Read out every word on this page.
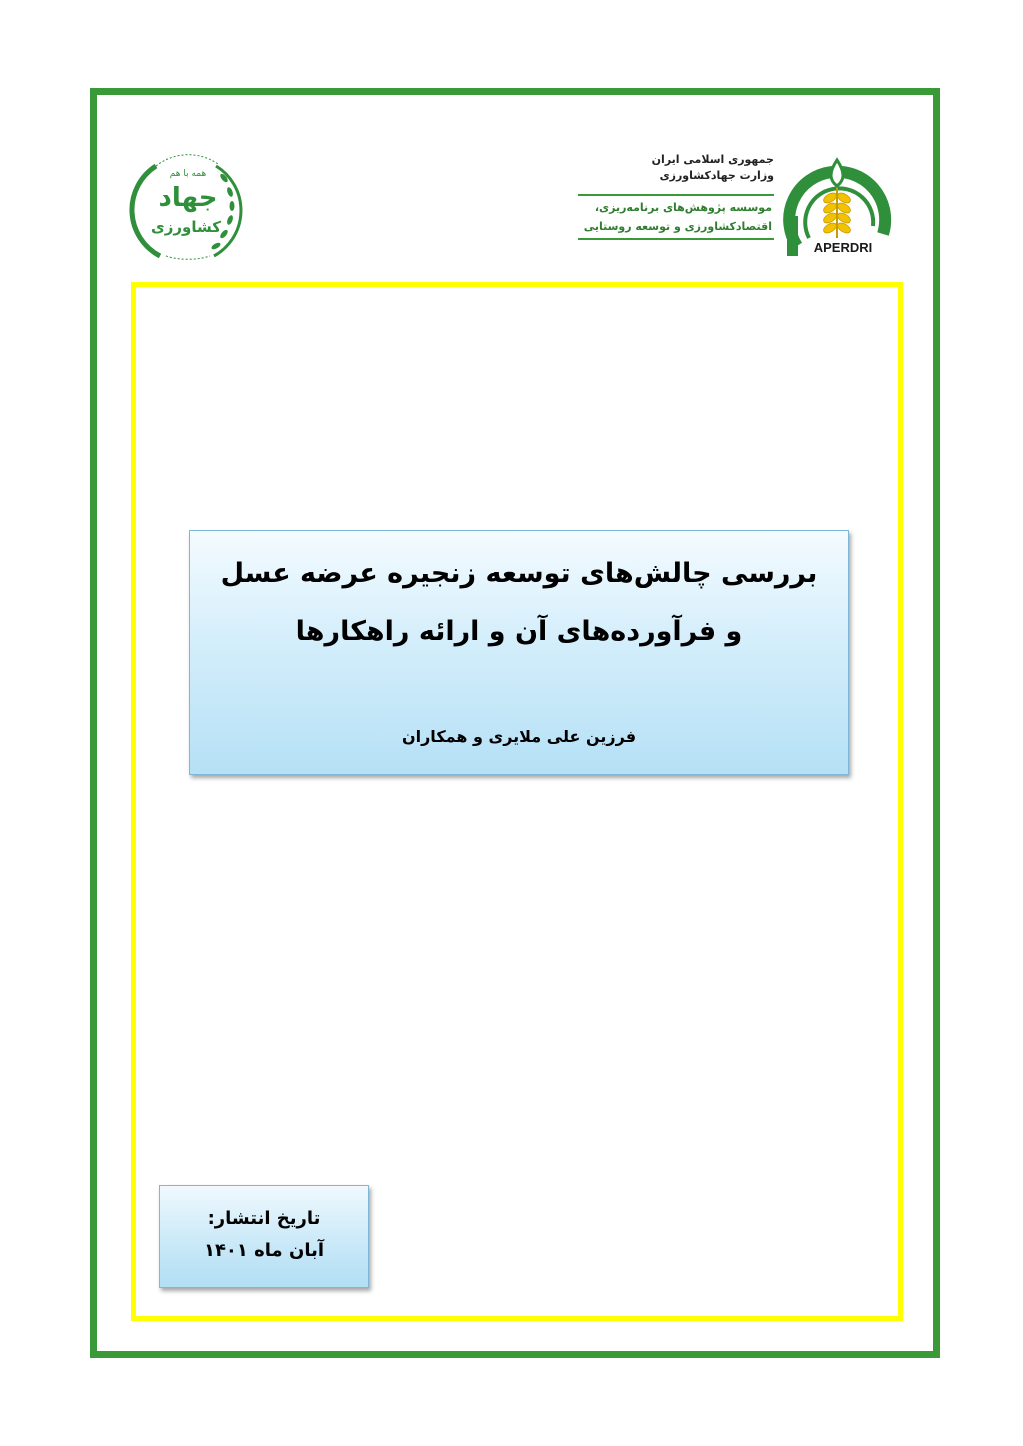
APERDRI
جمهوری اسلامی ایران
وزارت جهادکشاورزی
موسسه پژوهش‌های برنامه‌ریزی،
اقتصادکشاورزی و توسعه روستایی
همه با هم
جهاد
کشاورزی
بررسی چالش‌های توسعه زنجیره عرضه عسل
و فرآورده‌های آن و ارائه راهکارها
فرزین علی ملایری و همکاران
تاریخ انتشار:
آبان ماه ۱۴۰۱
